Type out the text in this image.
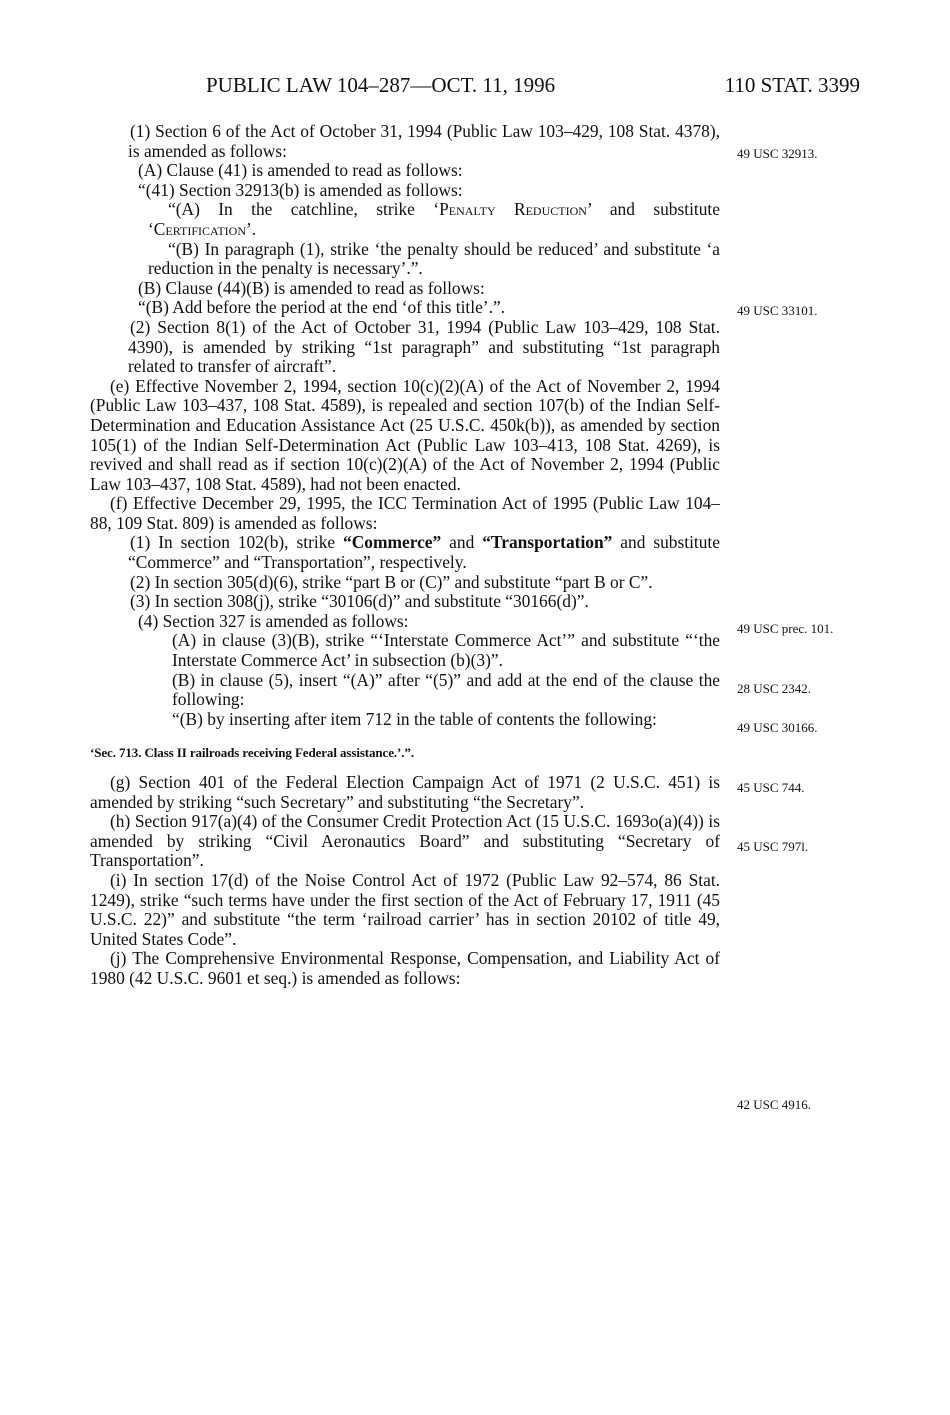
PUBLIC LAW 104–287—OCT. 11, 1996	110 STAT. 3399

(1) Section 6 of the Act of October 31, 1994 (Public Law 103–429, 108 Stat. 4378), is amended as follows:

(A) Clause (41) is amended to read as follows:

“(41) Section 32913(b) is amended as follows:

“(A) In the catchline, strike ‘Penalty Reduction’ and substitute ‘Certification’.

“(B) In paragraph (1), strike ‘the penalty should be reduced’ and substitute ‘a reduction in the penalty is necessary’.”.

(B) Clause (44)(B) is amended to read as follows:

“(B) Add before the period at the end ‘of this title’.”.

(2) Section 8(1) of the Act of October 31, 1994 (Public Law 103–429, 108 Stat. 4390), is amended by striking “1st paragraph” and substituting “1st paragraph related to transfer of aircraft”.

(e) Effective November 2, 1994, section 10(c)(2)(A) of the Act of November 2, 1994 (Public Law 103–437, 108 Stat. 4589), is repealed and section 107(b) of the Indian Self-Determination and Education Assistance Act (25 U.S.C. 450k(b)), as amended by section 105(1) of the Indian Self-Determination Act (Public Law 103–413, 108 Stat. 4269), is revived and shall read as if section 10(c)(2)(A) of the Act of November 2, 1994 (Public Law 103–437, 108 Stat. 4589), had not been enacted.

(f) Effective December 29, 1995, the ICC Termination Act of 1995 (Public Law 104–88, 109 Stat. 809) is amended as follows:

(1) In section 102(b), strike “Commerce” and “Transportation” and substitute “Commerce” and “Transportation”, respectively.

(2) In section 305(d)(6), strike “part B or (C)” and substitute “part B or C”.

(3) In section 308(j), strike “30106(d)” and substitute “30166(d)”.

(4) Section 327 is amended as follows:

(A) in clause (3)(B), strike “‘Interstate Commerce Act’” and substitute “‘the Interstate Commerce Act’ in subsection (b)(3)”.

(B) in clause (5), insert “(A)” after “(5)” and add at the end of the clause the following:

“(B) by inserting after item 712 in the table of contents the following:

‘Sec. 713. Class II railroads receiving Federal assistance.’.”.

(g) Section 401 of the Federal Election Campaign Act of 1971 (2 U.S.C. 451) is amended by striking “such Secretary” and substituting “the Secretary”.

(h) Section 917(a)(4) of the Consumer Credit Protection Act (15 U.S.C. 1693o(a)(4)) is amended by striking “Civil Aeronautics Board” and substituting “Secretary of Transportation”.

(i) In section 17(d) of the Noise Control Act of 1972 (Public Law 92–574, 86 Stat. 1249), strike “such terms have under the first section of the Act of February 17, 1911 (45 U.S.C. 22)” and substitute “the term ‘railroad carrier’ has in section 20102 of title 49, United States Code”.

(j) The Comprehensive Environmental Response, Compensation, and Liability Act of 1980 (42 U.S.C. 9601 et seq.) is amended as follows:

49 USC 32913.
49 USC 33101.
49 USC prec. 101.
28 USC 2342.
49 USC 30166.
45 USC 744.
45 USC 797l.
42 USC 4916.
